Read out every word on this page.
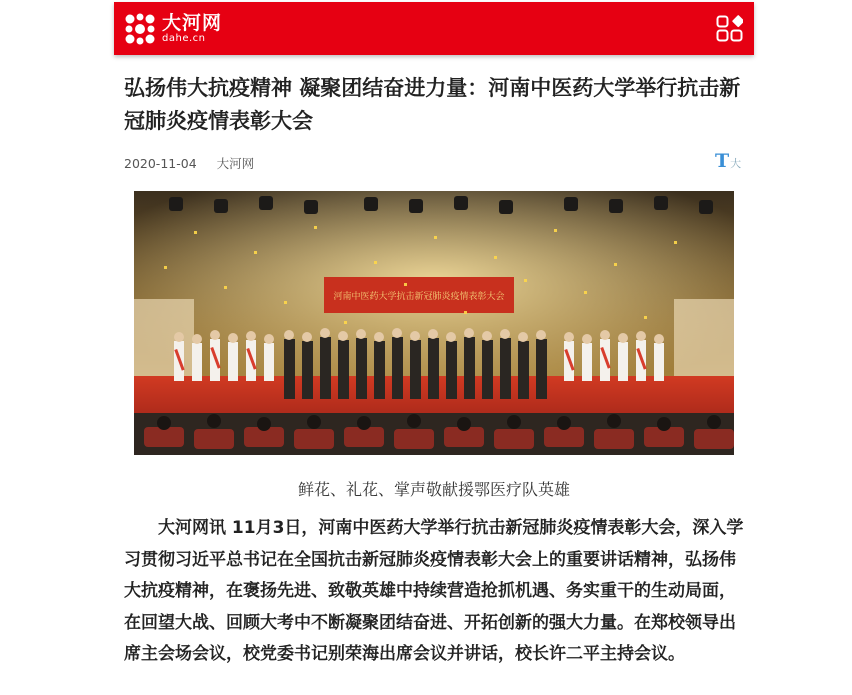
大河网
dahe.cn
弘扬伟大抗疫精神 凝聚团结奋进力量：河南中医药大学举行抗击新冠肺炎疫情表彰大会
2020-11-04 大河网	T大
河南中医药大学抗击新冠肺炎疫情表彰大会
鲜花、礼花、掌声敬献援鄂医疗队英雄

大河网讯 11月3日，河南中医药大学举行抗击新冠肺炎疫情表彰大会，深入学习贯彻习近平总书记在全国抗击新冠肺炎疫情表彰大会上的重要讲话精神，弘扬伟大抗疫精神，在褒扬先进、致敬英雄中持续营造抢抓机遇、务实重干的生动局面，在回望大战、回顾大考中不断凝聚团结奋进、开拓创新的强大力量。在郑校领导出席主会场会议，校党委书记别荣海出席会议并讲话，校长许二平主持会议。
